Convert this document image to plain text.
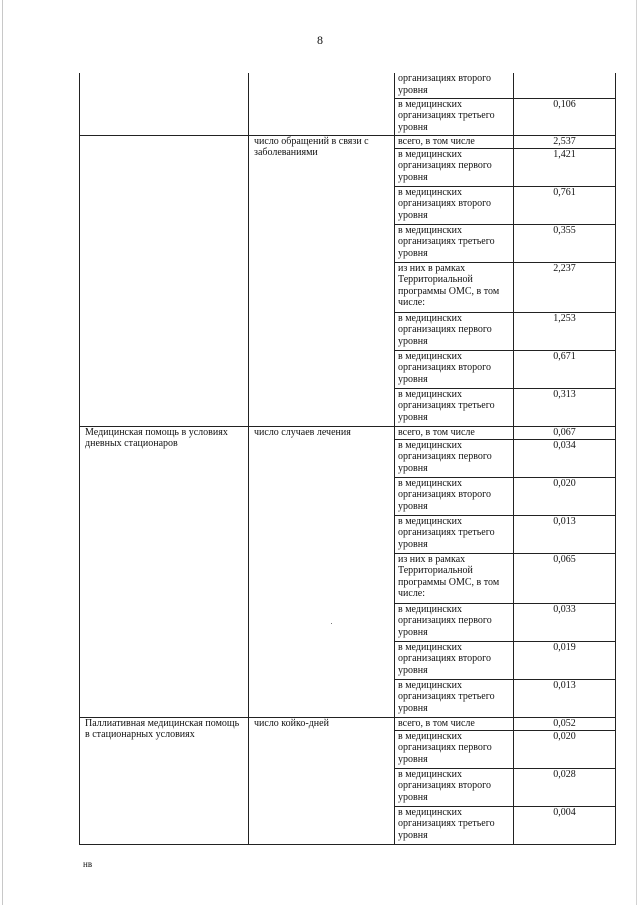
8
		организациях второго уровня	
		в медицинских организациях третьего уровня	0,106
	число обращений в связи с заболеваниями	всего, в том числе	2,537
		в медицинских организациях первого уровня	1,421
		в медицинских организациях второго уровня	0,761
		в медицинских организациях третьего уровня	0,355
		из них в рамках Территориальной программы ОМС, в том числе:	2,237
		в медицинских организациях первого уровня	1,253
		в медицинских организациях второго уровня	0,671
		в медицинских организациях третьего уровня	0,313
Медицинская помощь в условиях дневных стационаров	число случаев лечения	всего, в том числе	0,067
		в медицинских организациях первого уровня	0,034
		в медицинских организациях второго уровня	0,020
		в медицинских организациях третьего уровня	0,013
		из них в рамках Территориальной программы ОМС, в том числе:	0,065
		в медицинских организациях первого уровня	0,033
		в медицинских организациях второго уровня	0,019
		в медицинских организациях третьего уровня	0,013
Паллиативная медицинская помощь в стационарных условиях	число койко-дней	всего, в том числе	0,052
		в медицинских организациях первого уровня	0,020
		в медицинских организациях второго уровня	0,028
		в медицинских организациях третьего уровня	0,004
нв
